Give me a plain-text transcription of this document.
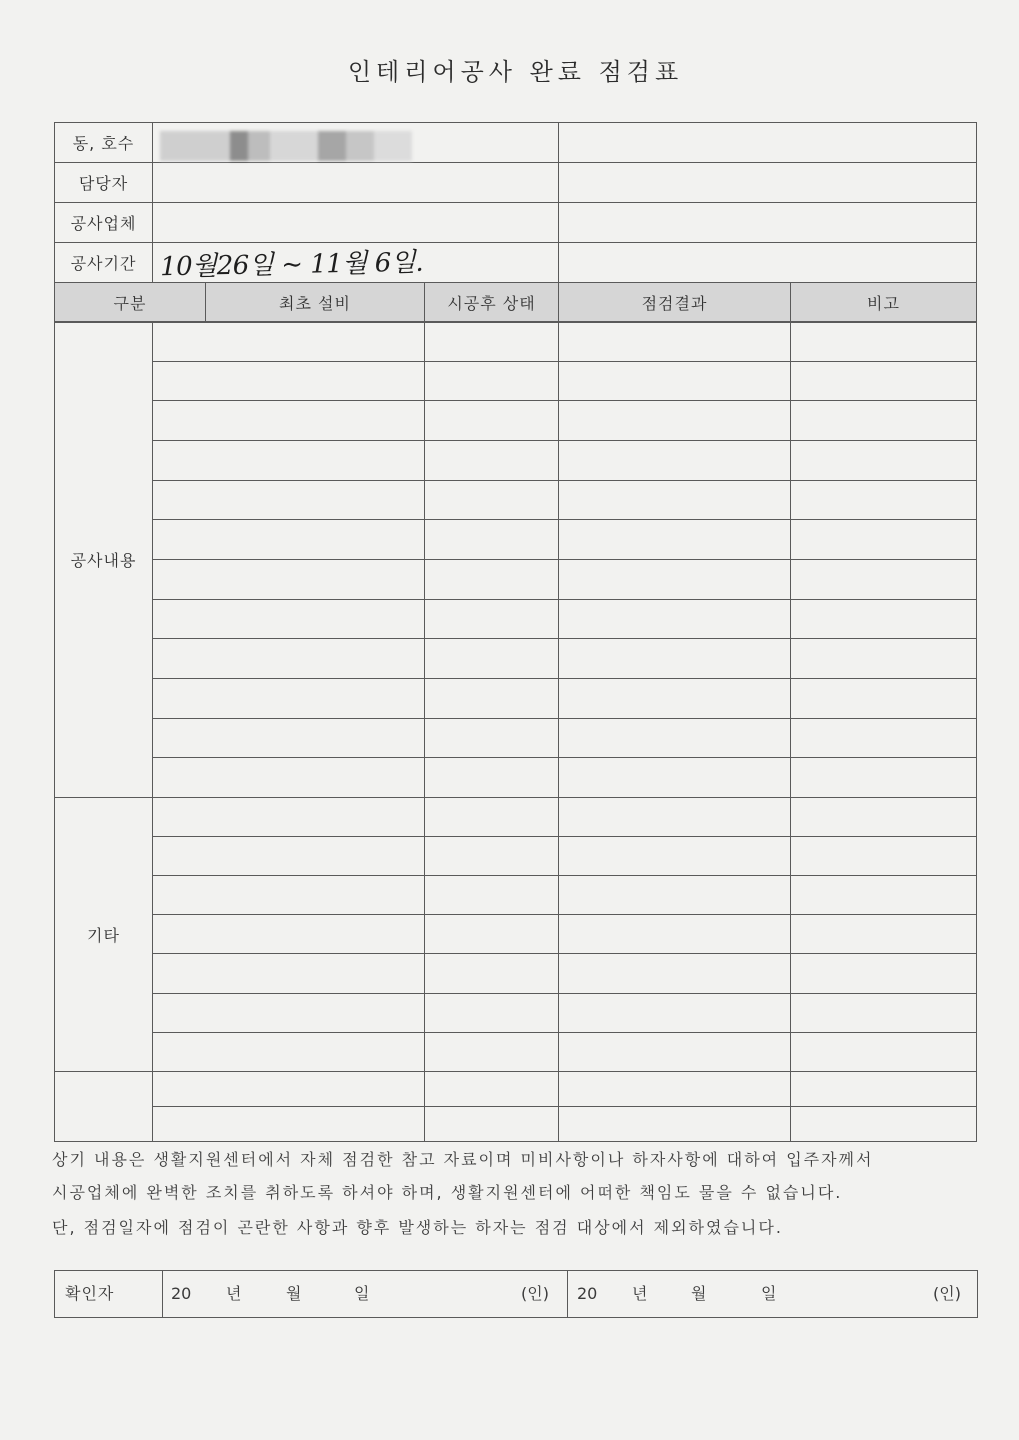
인테리어공사 완료 점검표
동, 호수		
담당자		
공사업체		
공사기간		10월26일 ~ 11월 6일.
구분	최초 설비	시공후 상태	점검결과	비고
공사내용				

기타				

상기 내용은 생활지원센터에서 자체 점검한 참고 자료이며 미비사항이나 하자사항에 대하여 입주자께서

시공업체에 완벽한 조치를 취하도록 하셔야 하며, 생활지원센터에 어떠한 책임도 물을 수 없습니다.

단, 점검일자에 점검이 곤란한 사항과 향후 발생하는 하자는 점검 대상에서 제외하였습니다.

확인자	20 년	월	일	(인) 20 년	월	일	(인)
